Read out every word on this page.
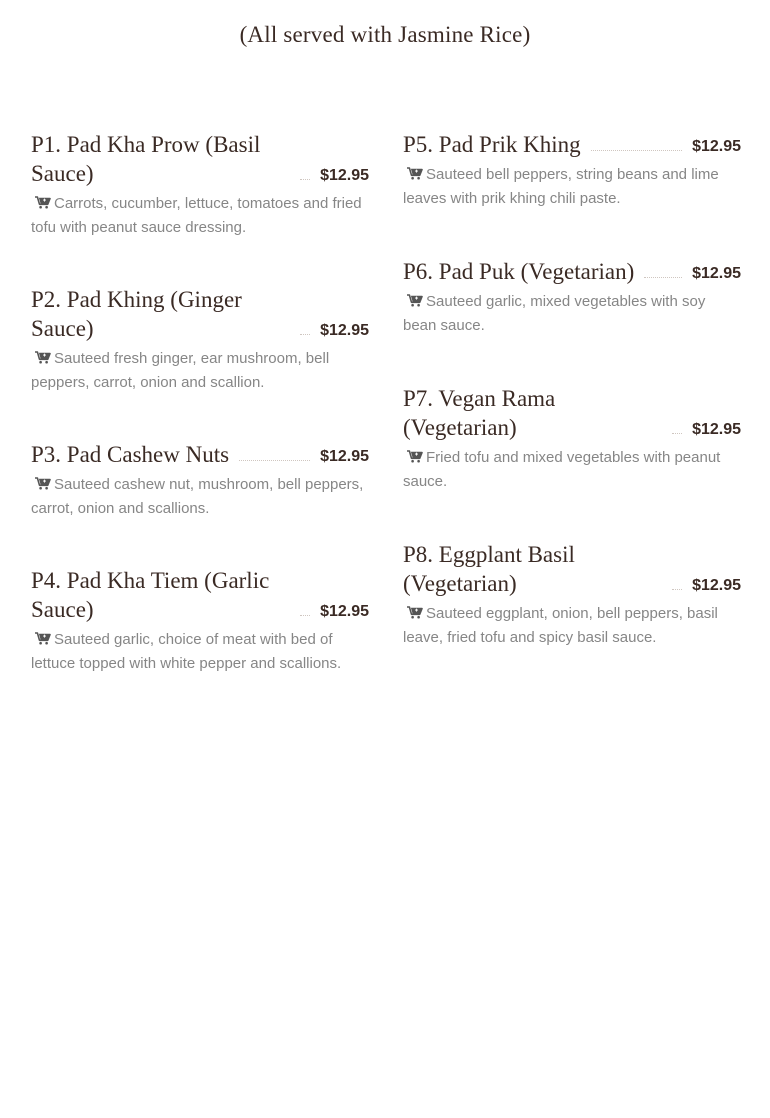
(All served with Jasmine Rice)
P1. Pad Kha Prow (Basil Sauce)	$12.95
Carrots, cucumber, lettuce, tomatoes and fried tofu with peanut sauce dressing.
P2. Pad Khing (Ginger Sauce)	$12.95
Sauteed fresh ginger, ear mushroom, bell peppers, carrot, onion and scallion.
P3. Pad Cashew Nuts	$12.95
Sauteed cashew nut, mushroom, bell peppers, carrot, onion and scallions.
P4. Pad Kha Tiem (Garlic Sauce)	$12.95
Sauteed garlic, choice of meat with bed of lettuce topped with white pepper and scallions.
P5. Pad Prik Khing	$12.95
Sauteed bell peppers, string beans and lime leaves with prik khing chili paste.
P6. Pad Puk (Vegetarian)	$12.95
Sauteed garlic, mixed vegetables with soy bean sauce.
P7. Vegan Rama (Vegetarian)	$12.95
Fried tofu and mixed vegetables with peanut sauce.
P8. Eggplant Basil (Vegetarian)	$12.95
Sauteed eggplant, onion, bell peppers, basil leave, fried tofu and spicy basil sauce.
